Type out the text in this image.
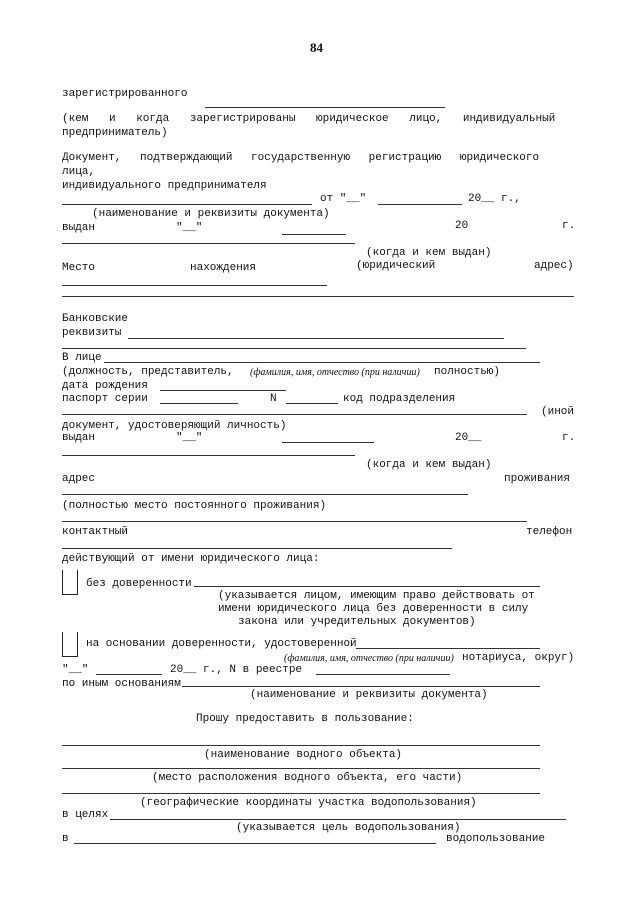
84
зарегистрированного
(кем и когда зарегистрированы юридическое лицо, индивидуальный
предприниматель)
Документ, подтверждающий государственную регистрацию юридического
лица,
индивидуального предпринимателя
от "__"	20__ г.,
(наименование и реквизиты документа)
выдан	"__"	20	г.
(когда и кем выдан)
Место	нахождения	(юридический	адрес)
Банковские
реквизиты
В лице
(должность, представитель, (фамилия, имя, отчество (при наличии) полностью)
дата рождения
паспорт серии	N	код подразделения
(иной
документ, удостоверяющий личность)
выдан	"__"	20__	г.
(когда и кем выдан)
адрес	проживания
(полностью место постоянного проживания)
контактный	телефон
действующий от имени юридического лица:
без доверенности
(указывается лицом, имеющим право действовать от
имени юридического лица без доверенности в силу
закона или учредительных документов)
на основании доверенности, удостоверенной
(фамилия, имя, отчество (при наличии) нотариуса, округ)
"__"	20__ г., N в реестре
по иным основаниям
(наименование и реквизиты документа)
Прошу предоставить в пользование:
(наименование водного объекта)
(место расположения водного объекта, его части)
(географические координаты участка водопользования)
в целях
(указывается цель водопользования)
в	водопользование
